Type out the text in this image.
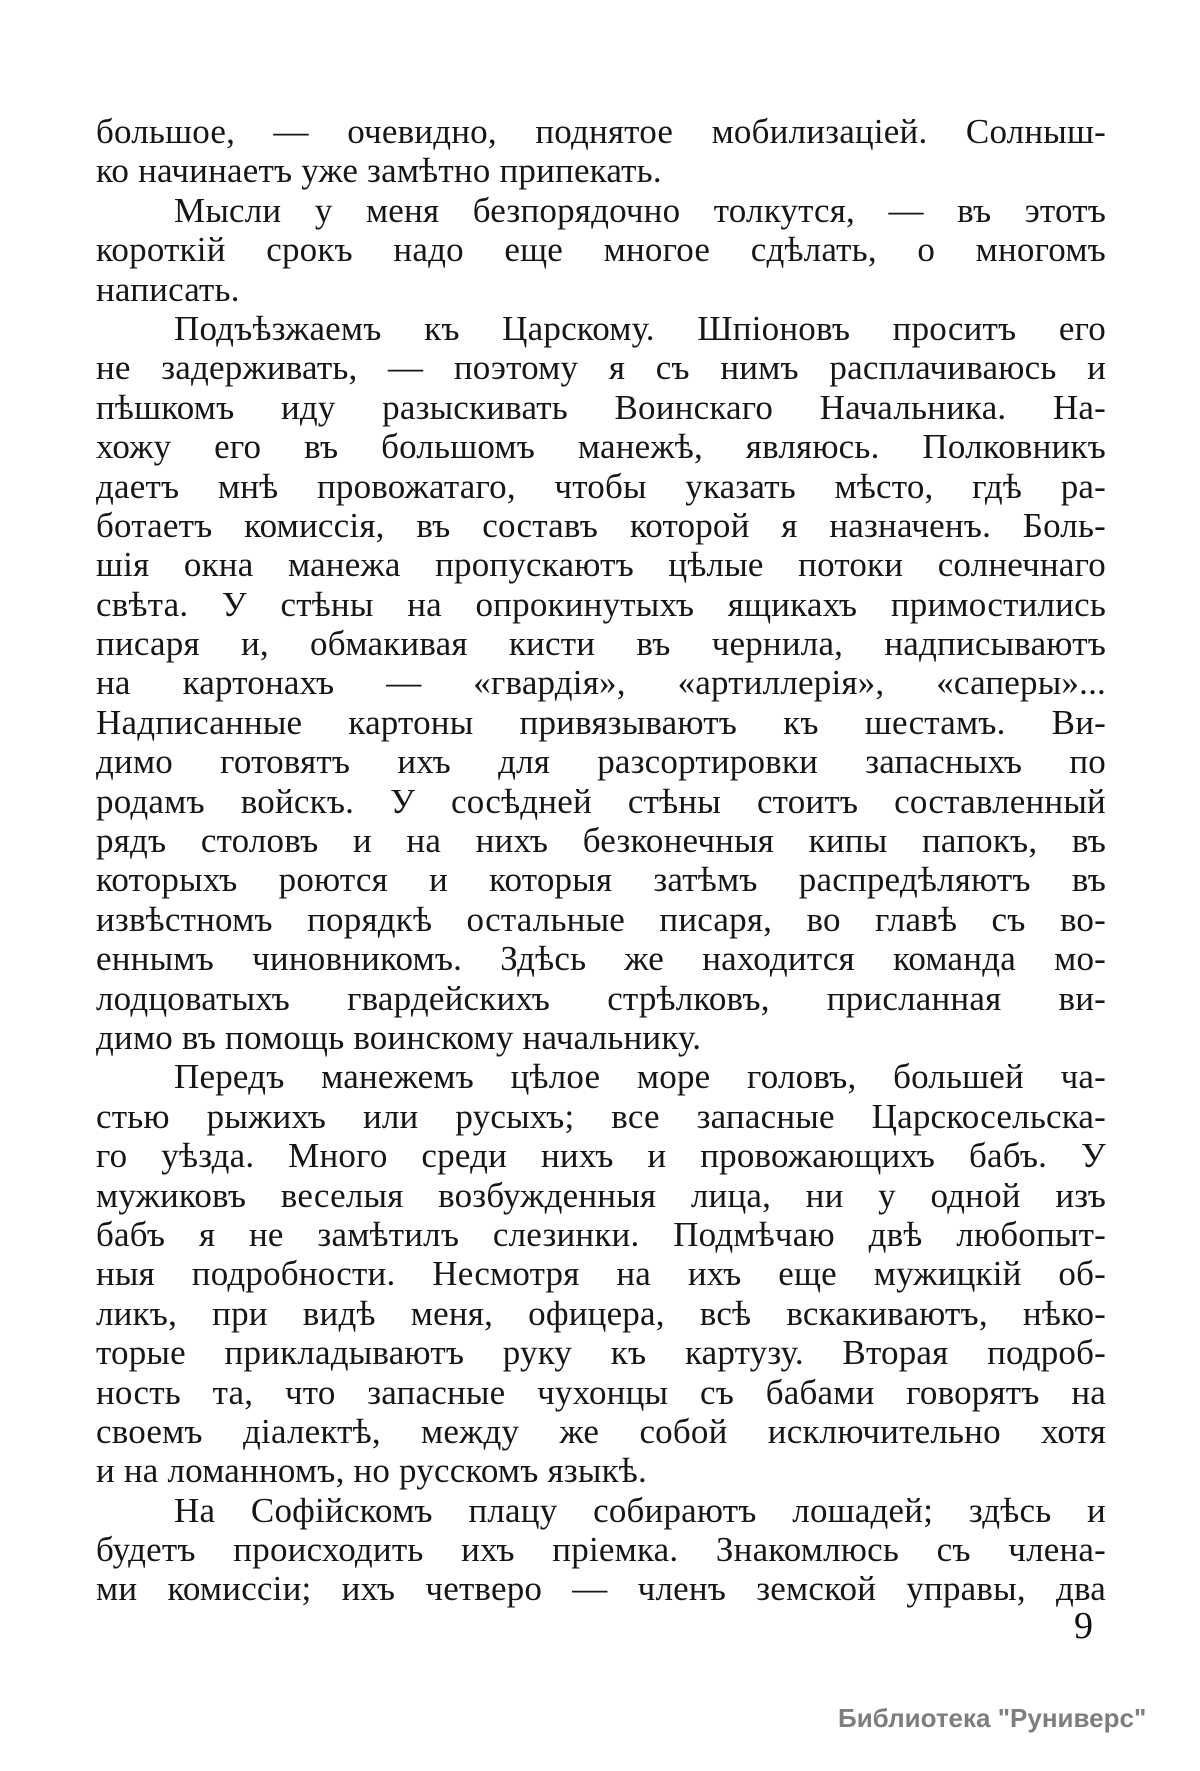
большое, — очевидно, поднятое мобилизаціей. Солныш-
ко начинаетъ уже замѣтно припекать.
Мысли у меня безпорядочно толкутся, — въ этотъ
короткій срокъ надо еще многое сдѣлать, о многомъ
написать.
Подъѣзжаемъ къ Царскому. Шпіоновъ проситъ его
не задерживать, — поэтому я съ нимъ расплачиваюсь и
пѣшкомъ иду разыскивать Воинскаго Начальника. На-
хожу его въ большомъ манежѣ, являюсь. Полковникъ
даетъ мнѣ провожатаго, чтобы указать мѣсто, гдѣ ра-
ботаетъ комиссія, въ составъ которой я назначенъ. Боль-
шія окна манежа пропускаютъ цѣлые потоки солнечнаго
свѣта. У стѣны на опрокинутыхъ ящикахъ примостились
писаря и, обмакивая кисти въ чернила, надписываютъ
на картонахъ — «гвардія», «артиллерія», «саперы»...
Надписанные картоны привязываютъ къ шестамъ. Ви-
димо готовятъ ихъ для разсортировки запасныхъ по
родамъ войскъ. У сосѣдней стѣны стоитъ составленный
рядъ столовъ и на нихъ безконечныя кипы папокъ, въ
которыхъ роются и которыя затѣмъ распредѣляютъ въ
извѣстномъ порядкѣ остальные писаря, во главѣ съ во-
еннымъ чиновникомъ. Здѣсь же находится команда мо-
лодцоватыхъ гвардейскихъ стрѣлковъ, присланная ви-
димо въ помощь воинскому начальнику.
Передъ манежемъ цѣлое море головъ, большей ча-
стью рыжихъ или русыхъ; все запасные Царскосельска-
го уѣзда. Много среди нихъ и провожающихъ бабъ. У
мужиковъ веселыя возбужденныя лица, ни у одной изъ
бабъ я не замѣтилъ слезинки. Подмѣчаю двѣ любопыт-
ныя подробности. Несмотря на ихъ еще мужицкій об-
ликъ, при видѣ меня, офицера, всѣ вскакиваютъ, нѣко-
торые прикладываютъ руку къ картузу. Вторая подроб-
ность та, что запасные чухонцы съ бабами говорятъ на
своемъ діалектѣ, между же собой исключительно хотя
и на ломанномъ, но русскомъ языкѣ.
На Софійскомъ плацу собираютъ лошадей; здѣсь и
будетъ происходить ихъ пріемка. Знакомлюсь съ члена-
ми комиссіи; ихъ четверо — членъ земской управы, два
9
Библиотека "Руниверс"
